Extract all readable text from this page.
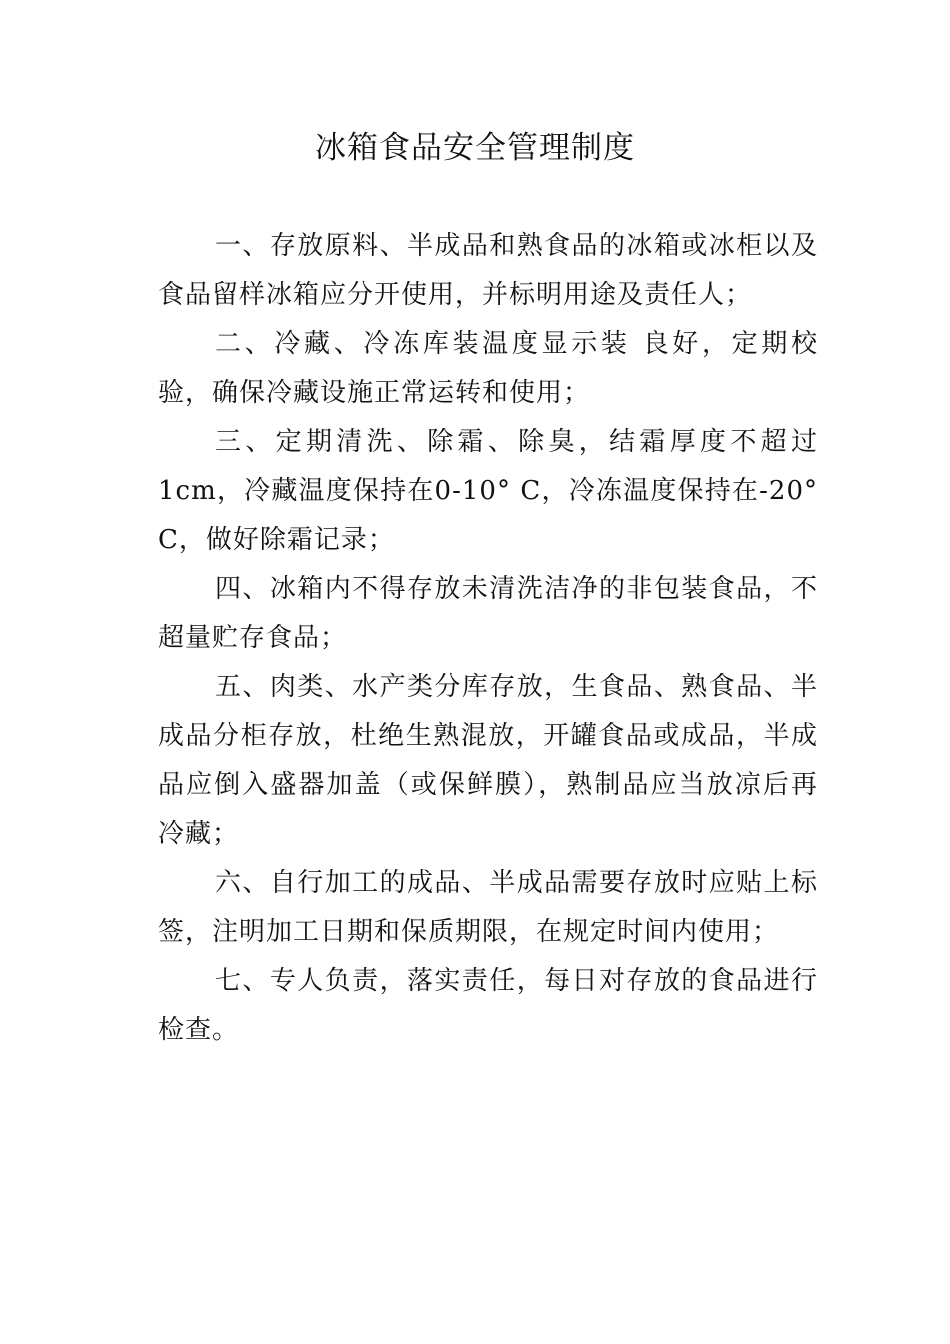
冰箱食品安全管理制度

一、存放原料、半成品和熟食品的冰箱或冰柜以及食品留样冰箱应分开使用，并标明用途及责任人；

二、冷藏、冷冻库装温度显示装 良好，定期校验，确保冷藏设施正常运转和使用；

三、定期清洗、除霜、除臭，结霜厚度不超过1cm，冷藏温度保持在0-10° C，冷冻温度保持在-20° C，做好除霜记录；

四、冰箱内不得存放未清洗洁净的非包装食品，不超量贮存食品；

五、肉类、水产类分库存放，生食品、熟食品、半成品分柜存放，杜绝生熟混放，开罐食品或成品，半成品应倒入盛器加盖（或保鲜膜），熟制品应当放凉后再冷藏；

六、自行加工的成品、半成品需要存放时应贴上标签，注明加工日期和保质期限，在规定时间内使用；

七、专人负责，落实责任，每日对存放的食品进行检查。
